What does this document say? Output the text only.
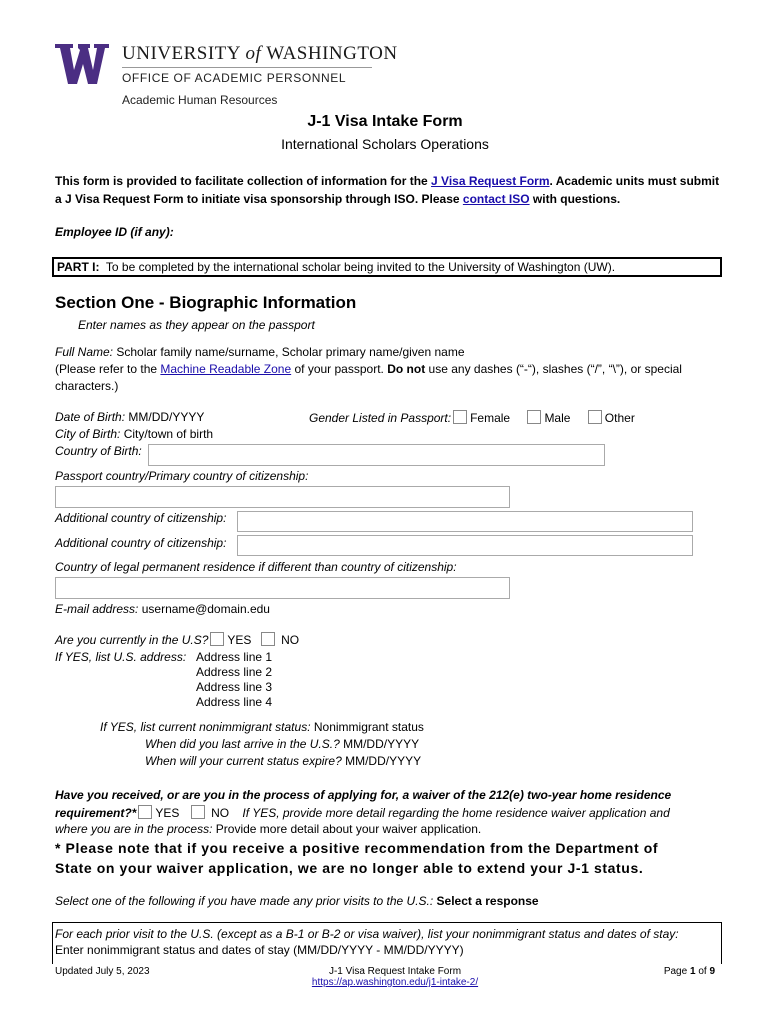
UNIVERSITY of WASHINGTON
OFFICE OF ACADEMIC PERSONNEL
Academic Human Resources
J-1 Visa Intake Form
International Scholars Operations
This form is provided to facilitate collection of information for the J Visa Request Form. Academic units must submit a J Visa Request Form to initiate visa sponsorship through ISO. Please contact ISO with questions.
Employee ID (if any):
PART I: To be completed by the international scholar being invited to the University of Washington (UW).
Section One - Biographic Information
Enter names as they appear on the passport
Full Name: Scholar family name/surname, Scholar primary name/given name
(Please refer to the Machine Readable Zone of your passport. Do not use any dashes (“-“), slashes (“/”, “\”), or special
characters.)
Date of Birth: MM/DD/YYYY	Gender Listed in Passport: Female	Male	Other
City of Birth: City/town of birth
Country of Birth:
Passport country/Primary country of citizenship:
Additional country of citizenship:
Additional country of citizenship:
Country of legal permanent residence if different than country of citizenship:
E-mail address: username@domain.edu
Are you currently in the U.S? YES NO
If YES, list U.S. address: Address line 1
Address line 2
Address line 3
Address line 4
If YES, list current nonimmigrant status: Nonimmigrant status
When did you last arrive in the U.S.? MM/DD/YYYY
When will your current status expire? MM/DD/YYYY
Have you received, or are you in the process of applying for, a waiver of the 212(e) two-year home residence
requirement?* YES	NO If YES, provide more detail regarding the home residence waiver application and
where you are in the process: Provide more detail about your waiver application.
* Please note that if you receive a positive recommendation from the Department of
State on your waiver application, we are no longer able to extend your J-1 status.
Select one of the following if you have made any prior visits to the U.S.: Select a response
For each prior visit to the U.S. (except as a B-1 or B-2 or visa waiver), list your nonimmigrant status and dates of stay:
Enter nonimmigrant status and dates of stay (MM/DD/YYYY - MM/DD/YYYY)
Updated July 5, 2023	J-1 Visa Request Intake Form
https://ap.washington.edu/j1-intake-2/
Page 1 of 9
